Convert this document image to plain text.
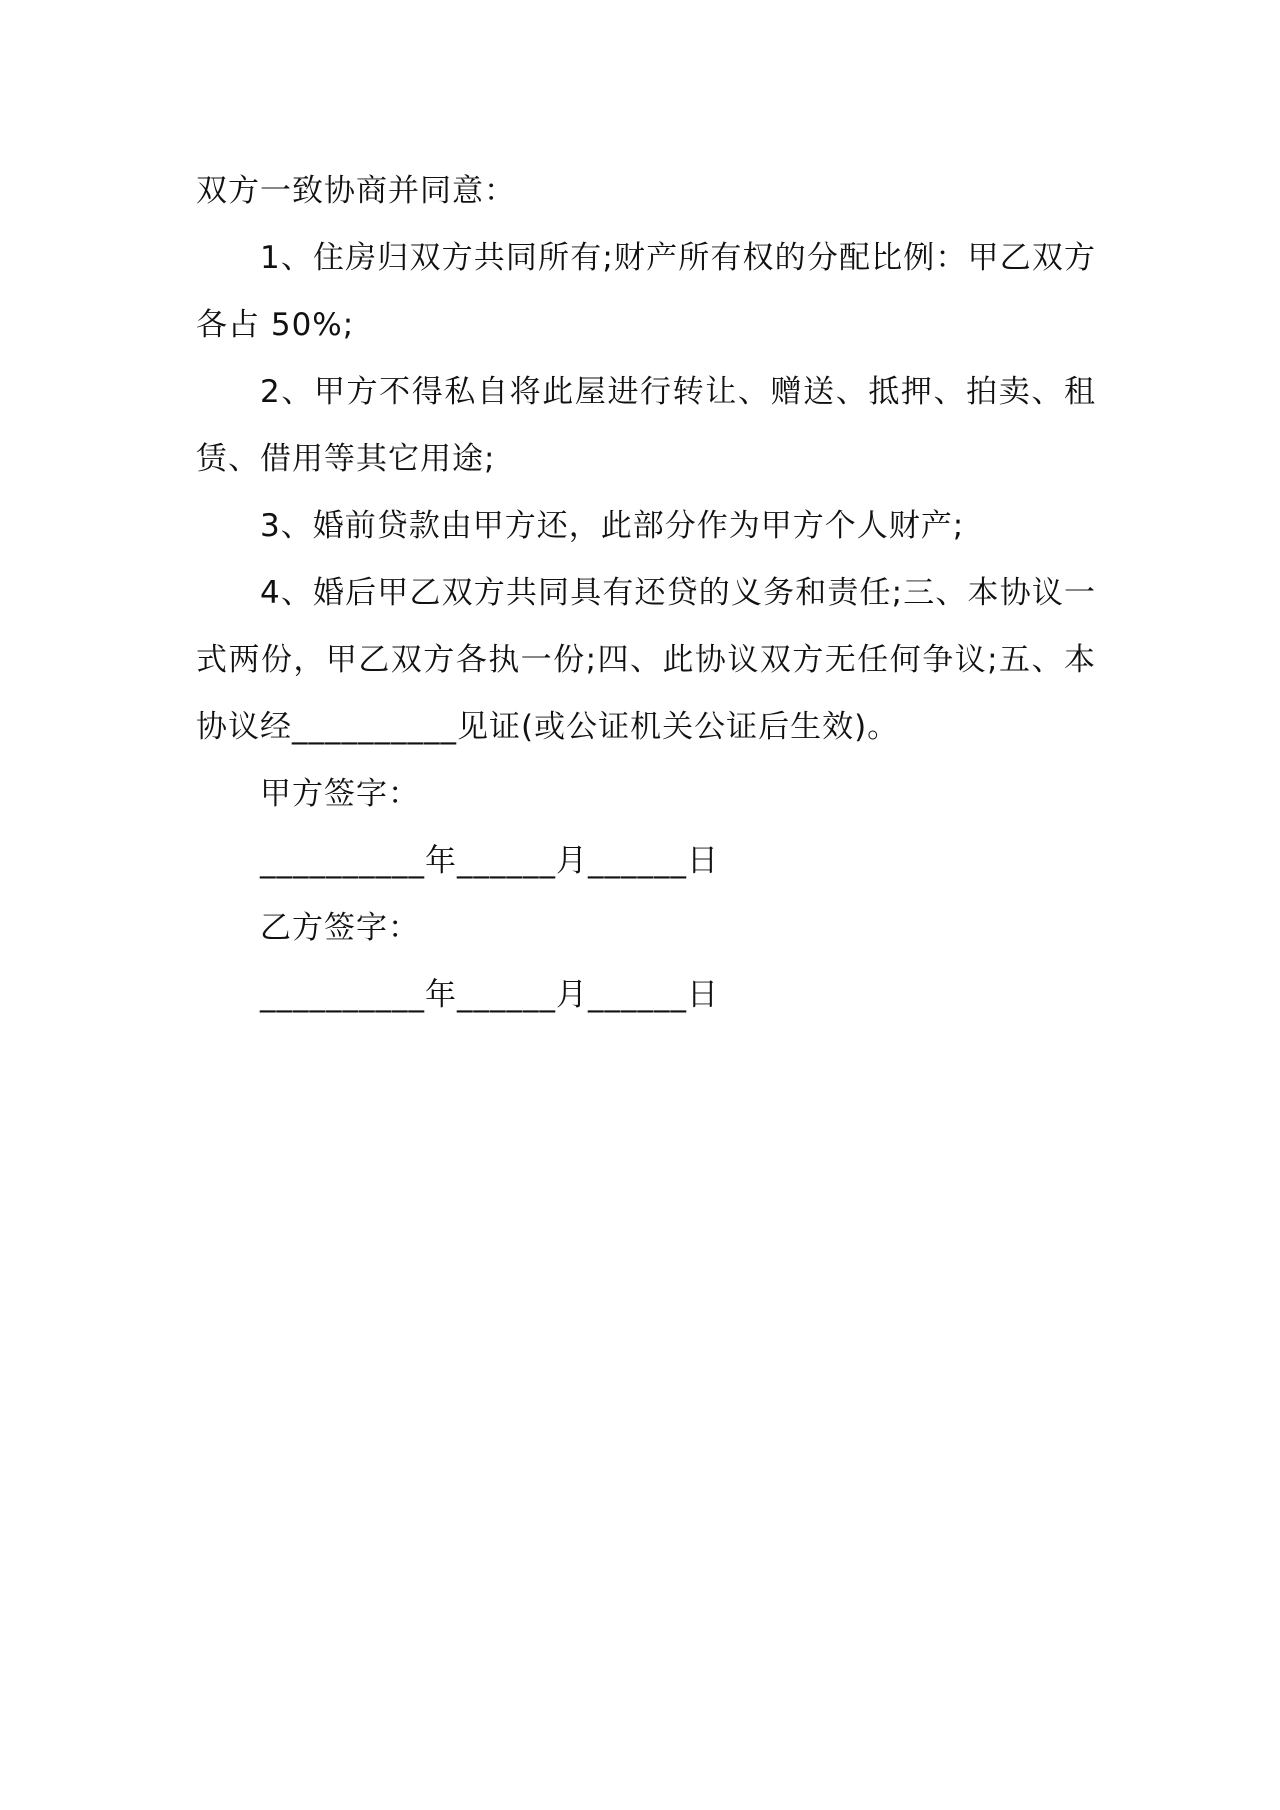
双方一致协商并同意：

1、住房归双方共同所有;财产所有权的分配比例：甲乙双方各占 50%;

2、甲方不得私自将此屋进行转让、赠送、抵押、拍卖、租赁、借用等其它用途;

3、婚前贷款由甲方还，此部分作为甲方个人财产;

4、婚后甲乙双方共同具有还贷的义务和责任;三、本协议一式两份，甲乙双方各执一份;四、此协议双方无任何争议;五、本协议经__________见证(或公证机关公证后生效)。

甲方签字：

__________年______月______日

乙方签字：

__________年______月______日
